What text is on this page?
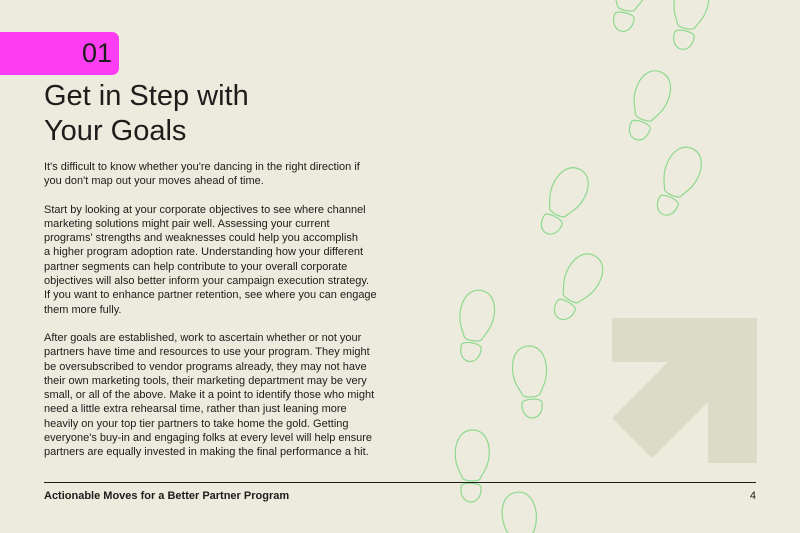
01
Get in Step with
Your Goals

It's difficult to know whether you're dancing in the right direction if
you don't map out your moves ahead of time.

Start by looking at your corporate objectives to see where channel
marketing solutions might pair well. Assessing your current
programs' strengths and weaknesses could help you accomplish
a higher program adoption rate. Understanding how your different
partner segments can help contribute to your overall corporate
objectives will also better inform your campaign execution strategy.
If you want to enhance partner retention, see where you can engage
them more fully.

After goals are established, work to ascertain whether or not your
partners have time and resources to use your program. They might
be oversubscribed to vendor programs already, they may not have
their own marketing tools, their marketing department may be very
small, or all of the above. Make it a point to identify those who might
need a little extra rehearsal time, rather than just leaning more
heavily on your top tier partners to take home the gold. Getting
everyone's buy-in and engaging folks at every level will help ensure
partners are equally invested in making the final performance a hit.

Actionable Moves for a Better Partner Program	4
